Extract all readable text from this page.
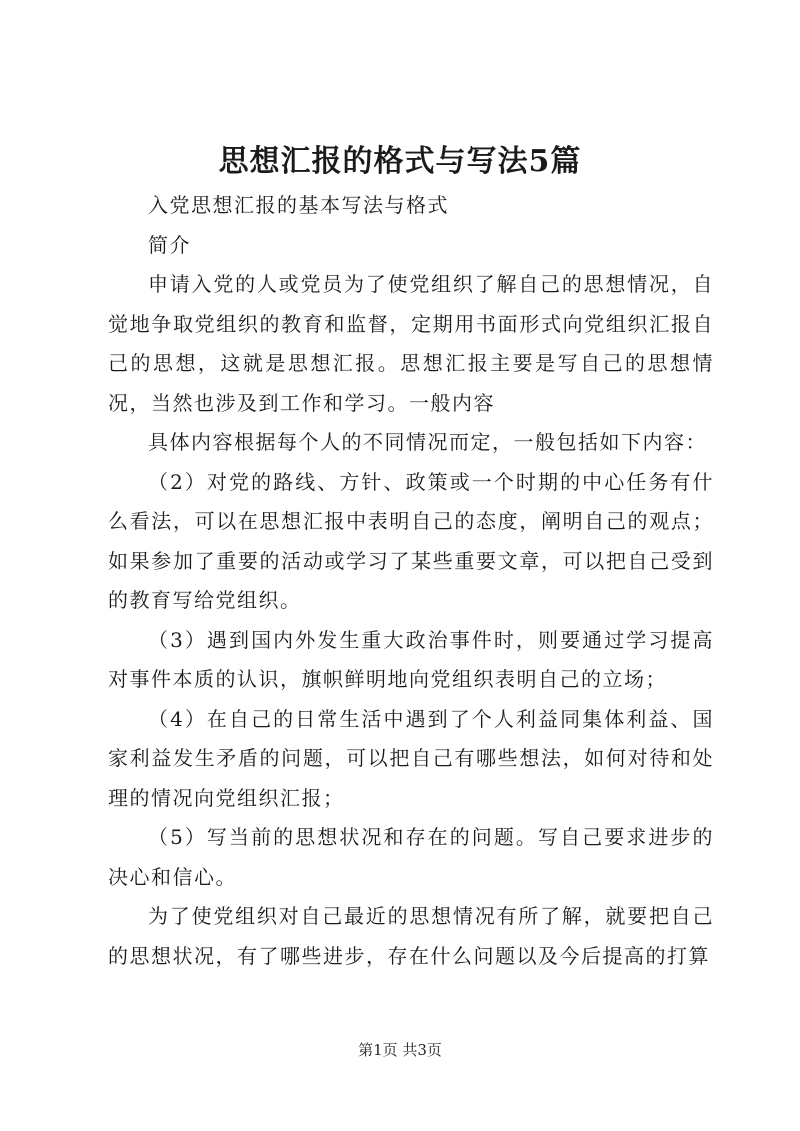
思想汇报的格式与写法5篇

入党思想汇报的基本写法与格式

简介

申请入党的人或党员为了使党组织了解自己的思想情况，自觉地争取党组织的教育和监督，定期用书面形式向党组织汇报自己的思想，这就是思想汇报。思想汇报主要是写自己的思想情况，当然也涉及到工作和学习。一般内容

具体内容根据每个人的不同情况而定，一般包括如下内容：

（2）对党的路线、方针、政策或一个时期的中心任务有什么看法，可以在思想汇报中表明自己的态度，阐明自己的观点；如果参加了重要的活动或学习了某些重要文章，可以把自己受到的教育写给党组织。

（3）遇到国内外发生重大政治事件时，则要通过学习提高对事件本质的认识，旗帜鲜明地向党组织表明自己的立场；

（4）在自己的日常生活中遇到了个人利益同集体利益、国家利益发生矛盾的问题，可以把自己有哪些想法，如何对待和处理的情况向党组织汇报；

（5）写当前的思想状况和存在的问题。写自己要求进步的决心和信心。

为了使党组织对自己最近的思想情况有所了解，就要把自己的思想状况，有了哪些进步，存在什么问题以及今后提高的打算

第1页 共3页
